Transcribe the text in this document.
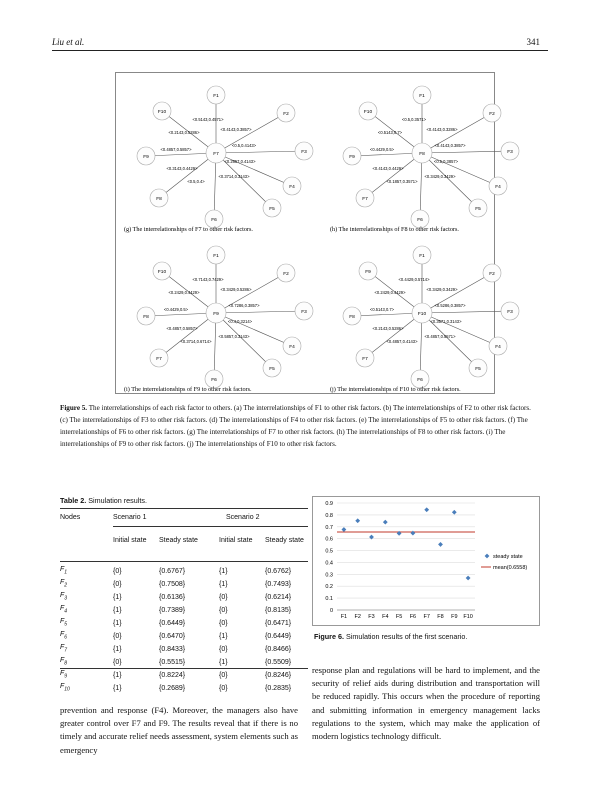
Liu et al.	341
F1
F2
F3
F4
F5
F6
F8
F9
F10
F7
<0.5143,0.4571>
<0.4143,0.3857>
<0.5,0.4143>
<0.2857,0.4143>
<0.3714,0.3143>
<0.5,0.4>
<0.3143,0.4429>
<0.4857,0.5857>
<0.2143,0.5286>
(g) The interrelationships of F7 to other risk factors.
F1
F2
F3
F4
F5
F6
F7
F9
F10
F8
<0.5,0.3571>
<0.4143,0.3286>
<0.4143,0.3857>
<0.5,0.3857>
<0.3429,0.3429>
<0.1857,0.3571>
<0.4143,0.4429>
<0.4429,0.5>
<0.5143,0.7>
(h) The interrelationships of F8 to other risk factors.
F1
F2
F3
F4
F5
F6
F7
F8
F10
F9
<0.7143,0.7429>
<0.3429,0.5286>
<0.7286,0.3857>
<0.4,0.3214>
<0.5857,0.3143>
<0.3714,0.6714>
<0.4857,0.5857>
<0.4429,0.5>
<0.2429,0.4429>
(i) The interrelationships of F9 to other risk factors.
F1
F2
F3
F4
F5
F6
F7
F8
F9
F10
<0.4429,0.5714>
<0.3429,0.3429>
<0.5286,0.3857>
<0.3571,0.3143>
<0.4857,0.5571>
<0.4857,0.4143>
<0.2143,0.5286>
<0.5143,0.7>
<0.2429,0.4429>
(j) The interrelationships of F10 to other risk factors.
Figure 5. The interrelationships of each risk factor to others. (a) The interrelationships of F1 to other risk factors. (b) The interrelationships of F2 to other risk factors. (c) The interrelationships of F3 to other risk factors. (d) The interrelationships of F4 to other risk factors. (e) The interrelationships of F5 to other risk factors. (f) The interrelationships of F6 to other risk factors. (g) The interrelationships of F7 to other risk factors. (h) The interrelationships of F8 to other risk factors. (i) The interrelationships of F9 to other risk factors. (j) The interrelationships of F10 to other risk factors.
Table 2. Simulation results.
Nodes	Scenario 1	Scenario 2
	Initial state	Steady state	Initial state	Steady state
$F_1$	{0}	{0.6767}	{1}	{0.6762}
$F_2$	{0}	{0.7508}	{1}	{0.7493}
$F_3$	{1}	{0.6136}	{0}	{0.6214}
$F_4$	{1}	{0.7389}	{0}	{0.8135}
$F_5$	{1}	{0.6449}	{0}	{0.6471}
$F_6$	{0}	{0.6470}	{1}	{0.6449}
$F_7$	{1}	{0.8433}	{0}	{0.8466}
$F_8$	{0}	{0.5515}	{1}	{0.5509}
$F_9$	{1}	{0.8224}	{0}	{0.8246}
$F_{10}$	{1}	{0.2689}	{0}	{0.2835}
0
0.1
0.2
0.3
0.4
0.5
0.6
0.7
0.8
0.9
F1 F2 F3 F4 F5 F6 F7 F8 F9 F10
steady state
mean(0.6558)
Figure 6. Simulation results of the first scenario.
prevention and response (F4). Moreover, the managers also have greater control over F7 and F9. The results reveal that if there is no timely and accurate relief needs assessment, system elements such as emergency
response plan and regulations will be hard to implement, and the security of relief aids during distribution and transportation will be reduced rapidly. This occurs when the procedure of reporting and submitting information in emergency management lacks regulations to the system, which may make the application of modern logistics technology difficult.
